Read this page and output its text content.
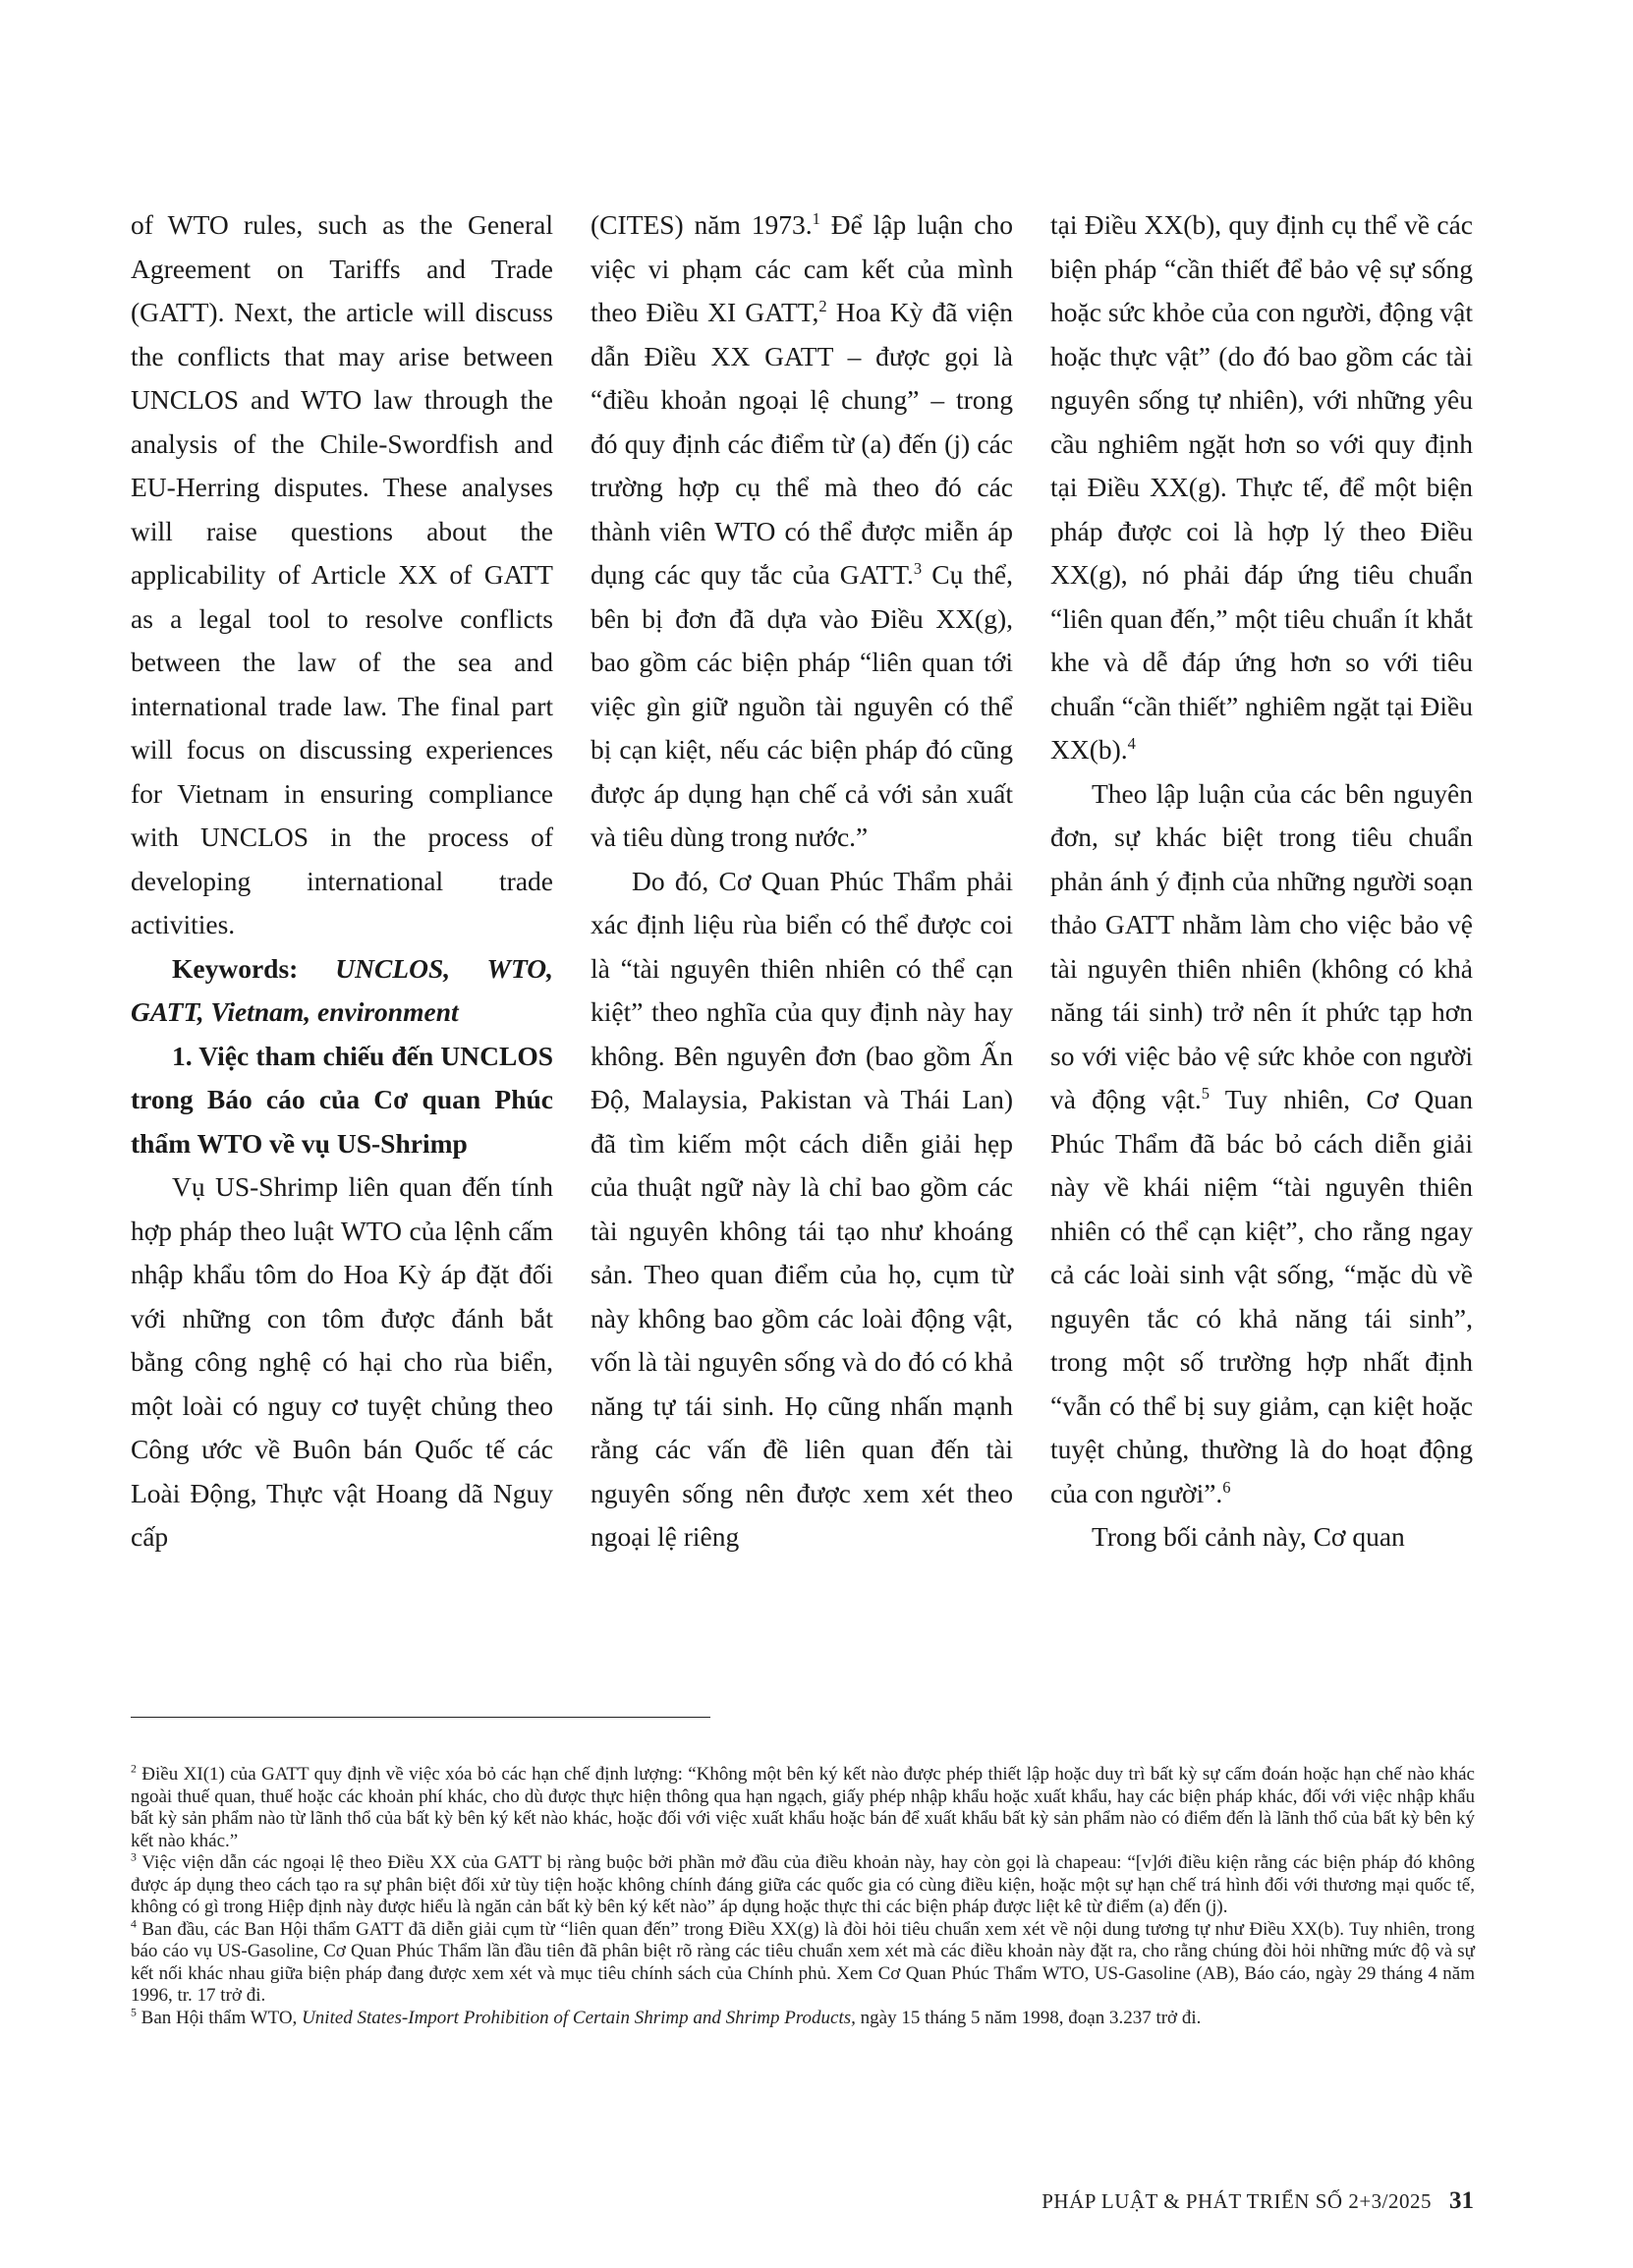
of WTO rules, such as the General Agreement on Tariffs and Trade (GATT). Next, the article will discuss the conflicts that may arise between UNCLOS and WTO law through the analysis of the Chile-Swordfish and EU-Herring disputes. These analyses will raise questions about the applicability of Article XX of GATT as a legal tool to resolve conflicts between the law of the sea and international trade law. The final part will focus on discussing experiences for Vietnam in ensuring compliance with UNCLOS in the process of developing international trade activities.

Keywords: UNCLOS, WTO, GATT, Vietnam, environment

1. Việc tham chiếu đến UNCLOS trong Báo cáo của Cơ quan Phúc thẩm WTO về vụ US-Shrimp

Vụ US-Shrimp liên quan đến tính hợp pháp theo luật WTO của lệnh cấm nhập khẩu tôm do Hoa Kỳ áp đặt đối với những con tôm được đánh bắt bằng công nghệ có hại cho rùa biển, một loài có nguy cơ tuyệt chủng theo Công ước về Buôn bán Quốc tế các Loài Động, Thực vật Hoang dã Nguy cấp

(CITES) năm 1973.$^1$ Để lập luận cho việc vi phạm các cam kết của mình theo Điều XI GATT,$^2$ Hoa Kỳ đã viện dẫn Điều XX GATT – được gọi là “điều khoản ngoại lệ chung” – trong đó quy định các điểm từ (a) đến (j) các trường hợp cụ thể mà theo đó các thành viên WTO có thể được miễn áp dụng các quy tắc của GATT.$^3$ Cụ thể, bên bị đơn đã dựa vào Điều XX(g), bao gồm các biện pháp “liên quan tới việc gìn giữ nguồn tài nguyên có thể bị cạn kiệt, nếu các biện pháp đó cũng được áp dụng hạn chế cả với sản xuất và tiêu dùng trong nước.”

Do đó, Cơ Quan Phúc Thẩm phải xác định liệu rùa biển có thể được coi là “tài nguyên thiên nhiên có thể cạn kiệt” theo nghĩa của quy định này hay không. Bên nguyên đơn (bao gồm Ấn Độ, Malaysia, Pakistan và Thái Lan) đã tìm kiếm một cách diễn giải hẹp của thuật ngữ này là chỉ bao gồm các tài nguyên không tái tạo như khoáng sản. Theo quan điểm của họ, cụm từ này không bao gồm các loài động vật, vốn là tài nguyên sống và do đó có khả năng tự tái sinh. Họ cũng nhấn mạnh rằng các vấn đề liên quan đến tài nguyên sống nên được xem xét theo ngoại lệ riêng

tại Điều XX(b), quy định cụ thể về các biện pháp “cần thiết để bảo vệ sự sống hoặc sức khỏe của con người, động vật hoặc thực vật” (do đó bao gồm các tài nguyên sống tự nhiên), với những yêu cầu nghiêm ngặt hơn so với quy định tại Điều XX(g). Thực tế, để một biện pháp được coi là hợp lý theo Điều XX(g), nó phải đáp ứng tiêu chuẩn “liên quan đến,” một tiêu chuẩn ít khắt khe và dễ đáp ứng hơn so với tiêu chuẩn “cần thiết” nghiêm ngặt tại Điều XX(b).$^4$

Theo lập luận của các bên nguyên đơn, sự khác biệt trong tiêu chuẩn phản ánh ý định của những người soạn thảo GATT nhằm làm cho việc bảo vệ tài nguyên thiên nhiên (không có khả năng tái sinh) trở nên ít phức tạp hơn so với việc bảo vệ sức khỏe con người và động vật.$^5$ Tuy nhiên, Cơ Quan Phúc Thẩm đã bác bỏ cách diễn giải này về khái niệm “tài nguyên thiên nhiên có thể cạn kiệt”, cho rằng ngay cả các loài sinh vật sống, “mặc dù về nguyên tắc có khả năng tái sinh”, trong một số trường hợp nhất định “vẫn có thể bị suy giảm, cạn kiệt hoặc tuyệt chủng, thường là do hoạt động của con người”.$^6$

Trong bối cảnh này, Cơ quan

$^2$ Điều XI(1) của GATT quy định về việc xóa bỏ các hạn chế định lượng: “Không một bên ký kết nào được phép thiết lập hoặc duy trì bất kỳ sự cấm đoán hoặc hạn chế nào khác ngoài thuế quan, thuế hoặc các khoản phí khác, cho dù được thực hiện thông qua hạn ngạch, giấy phép nhập khẩu hoặc xuất khẩu, hay các biện pháp khác, đối với việc nhập khẩu bất kỳ sản phẩm nào từ lãnh thổ của bất kỳ bên ký kết nào khác, hoặc đối với việc xuất khẩu hoặc bán để xuất khẩu bất kỳ sản phẩm nào có điểm đến là lãnh thổ của bất kỳ bên ký kết nào khác.”

$^3$ Việc viện dẫn các ngoại lệ theo Điều XX của GATT bị ràng buộc bởi phần mở đầu của điều khoản này, hay còn gọi là chapeau: “[v]ới điều kiện rằng các biện pháp đó không được áp dụng theo cách tạo ra sự phân biệt đối xử tùy tiện hoặc không chính đáng giữa các quốc gia có cùng điều kiện, hoặc một sự hạn chế trá hình đối với thương mại quốc tế, không có gì trong Hiệp định này được hiểu là ngăn cản bất kỳ bên ký kết nào” áp dụng hoặc thực thi các biện pháp được liệt kê từ điểm (a) đến (j).

$^4$ Ban đầu, các Ban Hội thẩm GATT đã diễn giải cụm từ “liên quan đến” trong Điều XX(g) là đòi hỏi tiêu chuẩn xem xét về nội dung tương tự như Điều XX(b). Tuy nhiên, trong báo cáo vụ US-Gasoline, Cơ Quan Phúc Thẩm lần đầu tiên đã phân biệt rõ ràng các tiêu chuẩn xem xét mà các điều khoản này đặt ra, cho rằng chúng đòi hỏi những mức độ và sự kết nối khác nhau giữa biện pháp đang được xem xét và mục tiêu chính sách của Chính phủ. Xem Cơ Quan Phúc Thẩm WTO, US-Gasoline (AB), Báo cáo, ngày 29 tháng 4 năm 1996, tr. 17 trở đi.

$^5$ Ban Hội thẩm WTO, United States-Import Prohibition of Certain Shrimp and Shrimp Products, ngày 15 tháng 5 năm 1998, đoạn 3.237 trở đi.

PHÁP LUẬT & PHÁT TRIỂN SỐ 2+3/2025 31
